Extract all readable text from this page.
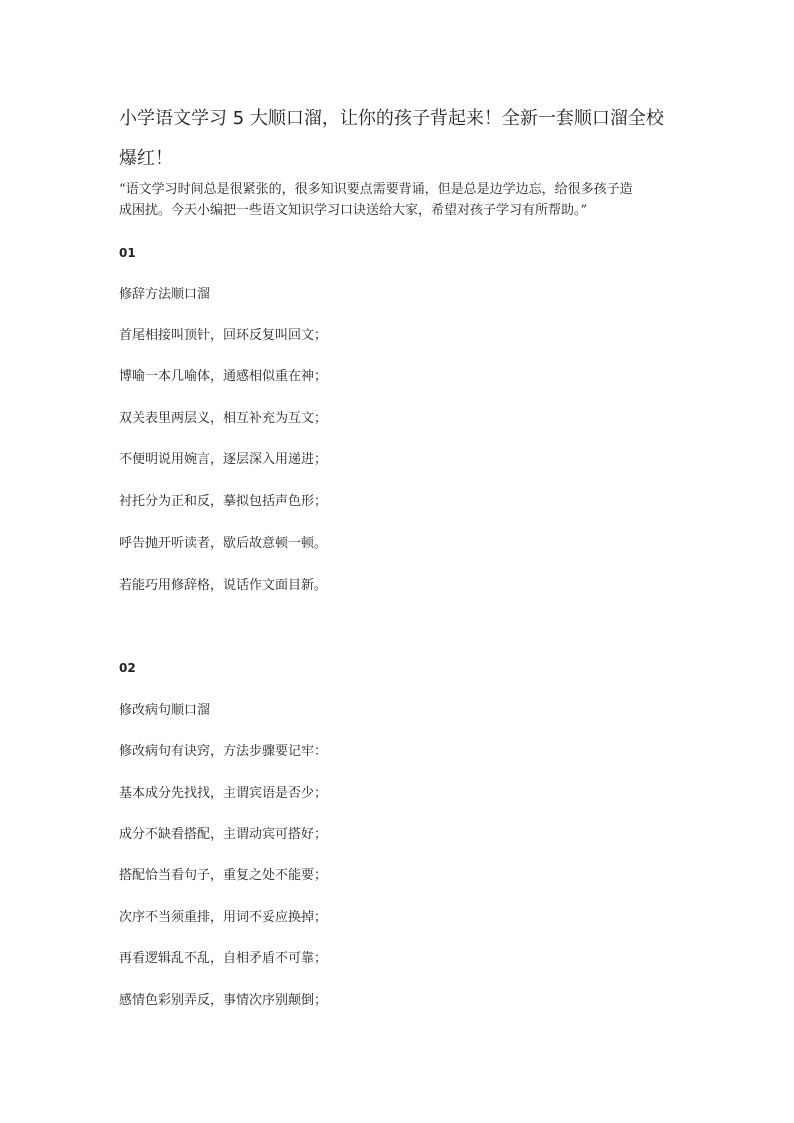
小学语文学习 5 大顺口溜，让你的孩子背起来！全新一套顺口溜全校
爆红！
“语文学习时间总是很紧张的，很多知识要点需要背诵，但是总是边学边忘，给很多孩子造
成困扰。今天小编把一些语文知识学习口诀送给大家，希望对孩子学习有所帮助。”
01
修辞方法顺口溜
首尾相接叫顶针，回环反复叫回文；
博喻一本几喻体，通感相似重在神；
双关表里两层义，相互补充为互文；
不便明说用婉言，逐层深入用递进；
衬托分为正和反，摹拟包括声色形；
呼告抛开听读者，歇后故意顿一顿。
若能巧用修辞格，说话作文面目新。
02
修改病句顺口溜
修改病句有诀窍，方法步骤要记牢：
基本成分先找找，主谓宾语是否少；
成分不缺看搭配，主谓动宾可搭好；
搭配恰当看句子，重复之处不能要；
次序不当须重排，用词不妥应换掉；
再看逻辑乱不乱，自相矛盾不可靠；
感情色彩别弄反，事情次序别颠倒；
